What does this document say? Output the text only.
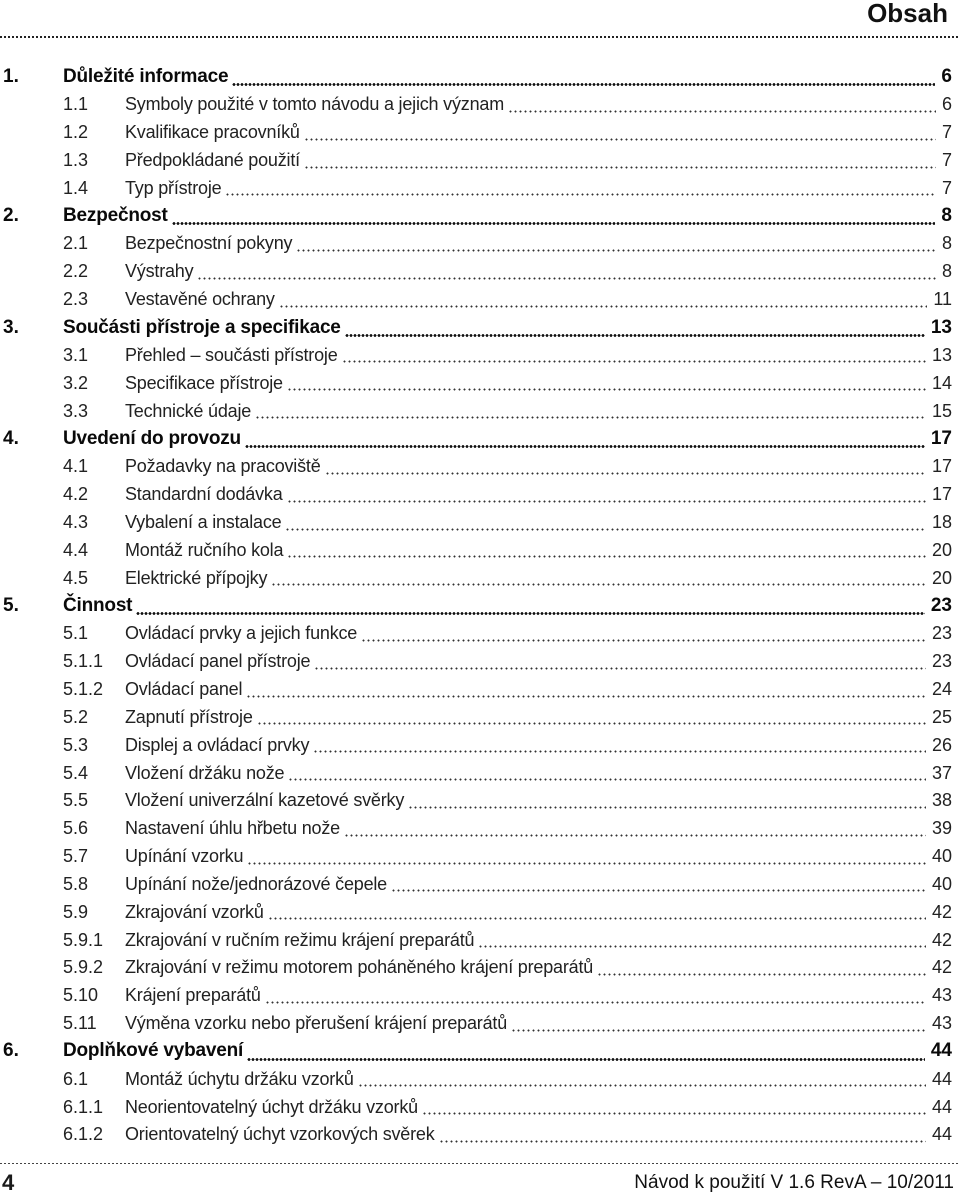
Obsah
1. Důležité informace	6
1.1 Symboly použité v tomto návodu a jejich význam	6
1.2 Kvalifikace pracovníků	7
1.3 Předpokládané použití	7
1.4 Typ přístroje	7
2. Bezpečnost	8
2.1 Bezpečnostní pokyny	8
2.2 Výstrahy	8
2.3 Vestavěné ochrany	11
3. Součásti přístroje a specifikace	13
3.1 Přehled – součásti přístroje	13
3.2 Specifikace přístroje	14
3.3 Technické údaje	15
4. Uvedení do provozu	17
4.1 Požadavky na pracoviště	17
4.2 Standardní dodávka	17
4.3 Vybalení a instalace	18
4.4 Montáž ručního kola	20
4.5 Elektrické přípojky	20
5. Činnost	23
5.1 Ovládací prvky a jejich funkce	23
5.1.1 Ovládací panel přístroje	23
5.1.2 Ovládací panel	24
5.2 Zapnutí přístroje	25
5.3 Displej a ovládací prvky	26
5.4 Vložení držáku nože	37
5.5 Vložení univerzální kazetové svěrky	38
5.6 Nastavení úhlu hřbetu nože	39
5.7 Upínání vzorku	40
5.8 Upínání nože/jednorázové čepele	40
5.9 Zkrajování vzorků	42
5.9.1 Zkrajování v ručním režimu krájení preparátů	42
5.9.2 Zkrajování v režimu motorem poháněného krájení preparátů	42
5.10 Krájení preparátů	43
5.11 Výměna vzorku nebo přerušení krájení preparátů	43
6. Doplňkové vybavení	44
6.1 Montáž úchytu držáku vzorků	44
6.1.1 Neorientovatelný úchyt držáku vzorků	44
6.1.2 Orientovatelný úchyt vzorkových svěrek	44
4	Návod k použití V 1.6 RevA – 10/2011
